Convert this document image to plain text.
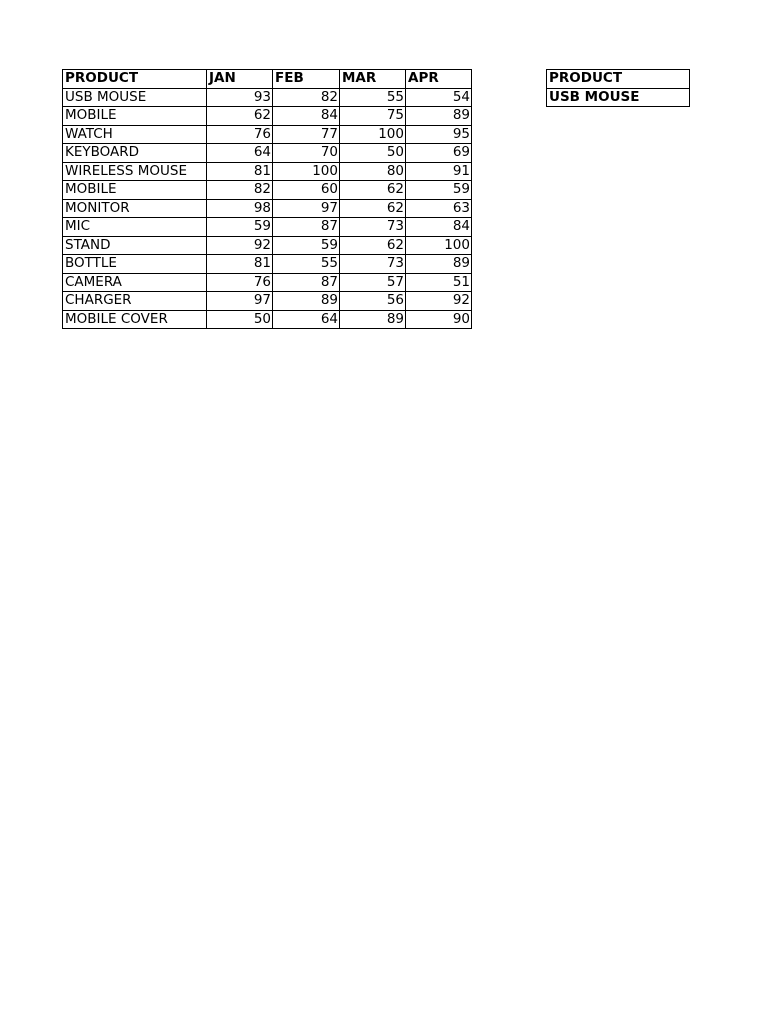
PRODUCT	JAN	FEB	MAR	APR
USB MOUSE	93	82	55	54
MOBILE	62	84	75	89
WATCH	76	77	100	95
KEYBOARD	64	70	50	69
WIRELESS MOUSE	81	100	80	91
MOBILE	82	60	62	59
MONITOR	98	97	62	63
MIC	59	87	73	84
STAND	92	59	62	100
BOTTLE	81	55	73	89
CAMERA	76	87	57	51
CHARGER	97	89	56	92
MOBILE COVER	50	64	89	90
PRODUCT
USB MOUSE
